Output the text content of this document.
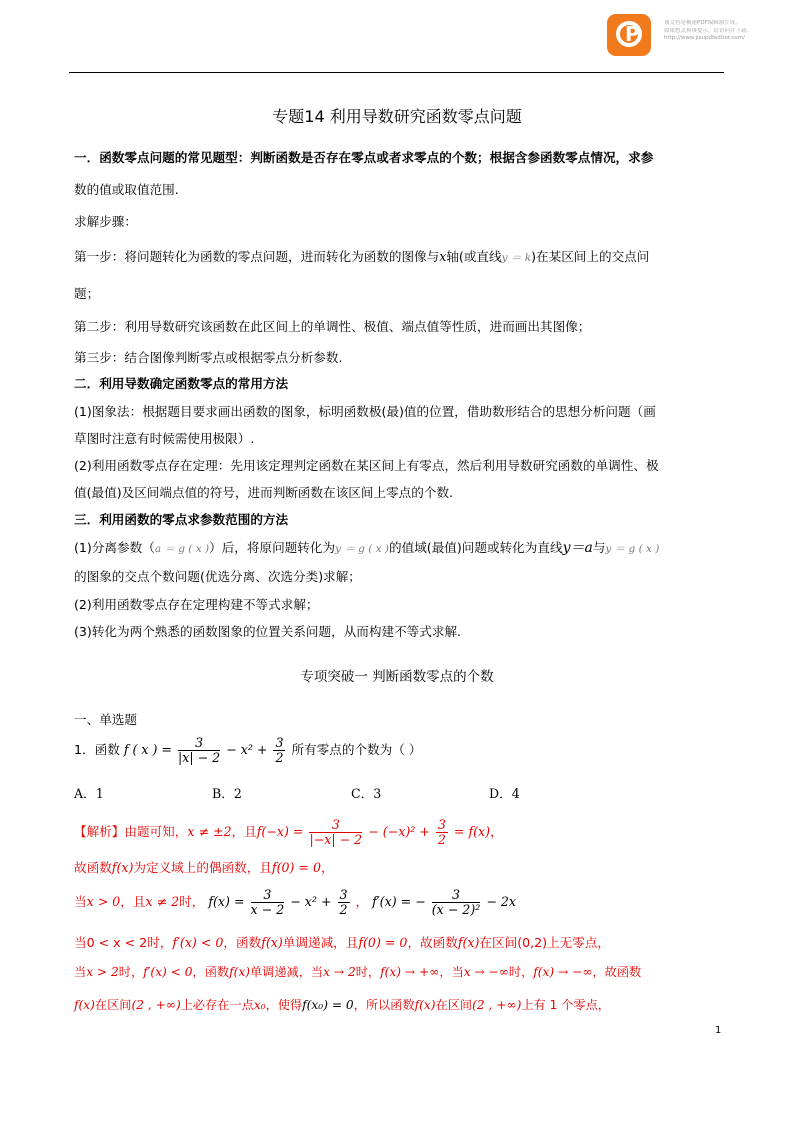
P	该文档是极速PDF编辑器生成，
如果想去掉该提示，请访问并下载：
http://www.jisupdfeditor.com/
专题14 利用导数研究函数零点问题
一．函数零点问题的常见题型：判断函数是否存在零点或者求零点的个数；根据含参函数零点情况，求参
数的值或取值范围.
求解步骤：
第一步：将问题转化为函数的零点问题，进而转化为函数的图像与x轴(或直线y ＝ k)在某区间上的交点问
题；
第二步：利用导数研究该函数在此区间上的单调性、极值、端点值等性质，进而画出其图像；
第三步：结合图像判断零点或根据零点分析参数.
二．利用导数确定函数零点的常用方法
(1)图象法：根据题目要求画出函数的图象，标明函数极(最)值的位置，借助数形结合的思想分析问题（画
草图时注意有时候需使用极限）.
(2)利用函数零点存在定理：先用该定理判定函数在某区间上有零点，然后利用导数研究函数的单调性、极
值(最值)及区间端点值的符号，进而判断函数在该区间上零点的个数.
三．利用函数的零点求参数范围的方法
(1)分离参数（a ＝ g ( x )）后，将原问题转化为y ＝ g ( x )的值域(最值)问题或转化为直线y＝a与y ＝ g ( x )
的图象的交点个数问题(优选分离、次选分类)求解；
(2)利用函数零点存在定理构建不等式求解；
(3)转化为两个熟悉的函数图象的位置关系问题，从而构建不等式求解.
专项突破一 判断函数零点的个数
一、单选题
1．函数 f ( x ) = $\frac{3}{|x| - 2} - x^2 + \frac{3}{2}$ 所有零点的个数为（ ）
A．1	B．2	C．3	D．4
【解析】由题可知，x ≠ ±2，且$f(-x) = \frac{3}{|-x| - 2} - (-x)^2 + \frac{3}{2} = f(x)$，
故函数f(x)为定义域上的偶函数，且f(0) = 0，
当x > 0，且x ≠ 2时， $f(x) = \frac{3}{x - 2} - x^2 + \frac{3}{2}$ ， f′(x) = − $\frac{3}{\text{(x − 2)²}} - 2x$
当0 < x < 2时，f′(x) < 0，函数f(x)单调递减，且f(0) = 0，故函数f(x)在区间(0,2)上无零点，
当x > 2时，f′(x) < 0，函数f(x)单调递减，当x → 2时，f(x) → +∞，当x → −∞时，f(x) → −∞，故函数
f(x)在区间(2 , +∞)上必存在一点x₀，使得f(x₀) = 0，所以函数f(x)在区间(2 , +∞)上有 1 个零点，
1
